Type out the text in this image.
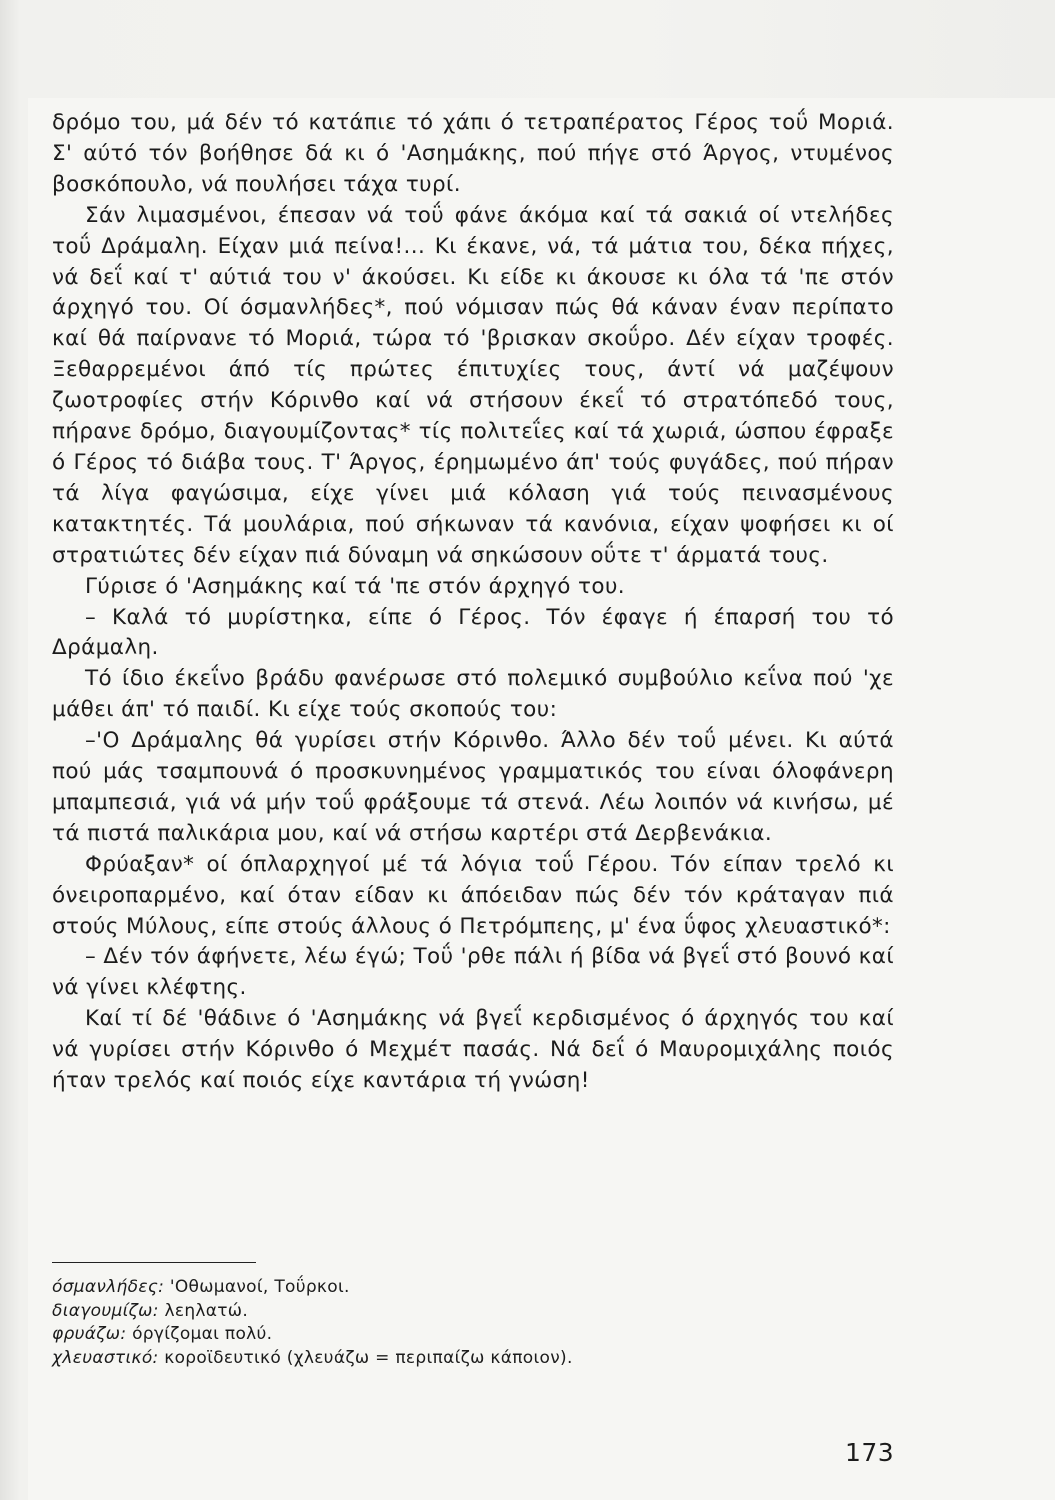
δρόμο του, μά δέν τό κατάπιε τό χάπι ό τετραπέρατος Γέρος τοΰ Μοριά. Σ' αύτό τόν βοήθησε δά κι ό 'Ασημάκης, πού πήγε στό Άργος, ντυμένος βοσκόπουλο, νά πουλήσει τάχα τυρί.

Σάν λιμασμένοι, έπεσαν νά τοΰ φάνε άκόμα καί τά σακιά οί ντελήδες τοΰ Δράμαλη. Είχαν μιά πείνα!... Κι έκανε, νά, τά μάτια του, δέκα πήχες, νά δεΐ καί τ' αύτιά του ν' άκούσει. Κι είδε κι άκουσε κι όλα τά 'πε στόν άρχηγό του. Οί όσμανλήδες*, πού νόμισαν πώς θά κάναν έναν περίπατο καί θά παίρνανε τό Μοριά, τώρα τό 'βρισκαν σκοΰρο. Δέν είχαν τροφές. Ξεθαρρεμένοι άπό τίς πρώτες έπιτυχίες τους, άντί νά μαζέψουν ζωοτροφίες στήν Κόρινθο καί νά στήσουν έκεΐ τό στρατόπεδό τους, πήρανε δρόμο, διαγουμίζοντας* τίς πολιτεΐες καί τά χωριά, ώσπου έφραξε ό Γέρος τό διάβα τους. Τ' Άργος, έρημωμένο άπ' τούς φυγάδες, πού πήραν τά λίγα φαγώσιμα, είχε γίνει μιά κόλαση γιά τούς πεινασμένους κατακτητές. Τά μουλάρια, πού σήκωναν τά κανόνια, είχαν ψοφήσει κι οί στρατιώτες δέν είχαν πιά δύναμη νά σηκώσουν οΰτε τ' άρματά τους.

Γύρισε ό 'Ασημάκης καί τά 'πε στόν άρχηγό του.

– Καλά τό μυρίστηκα, είπε ό Γέρος. Τόν έφαγε ή έπαρσή του τό Δράμαλη.

Τό ίδιο έκεΐνο βράδυ φανέρωσε στό πολεμικό συμβούλιο κεΐνα πού 'χε μάθει άπ' τό παιδί. Κι είχε τούς σκοπούς του:

–'Ο Δράμαλης θά γυρίσει στήν Κόρινθο. Άλλο δέν τοΰ μένει. Κι αύτά πού μάς τσαμπουνά ό προσκυνημένος γραμματικός του είναι όλοφάνερη μπαμπεσιά, γιά νά μήν τοΰ φράξουμε τά στενά. Λέω λοιπόν νά κινήσω, μέ τά πιστά παλικάρια μου, καί νά στήσω καρτέρι στά Δερβενάκια.

Φρύαξαν* οί όπλαρχηγοί μέ τά λόγια τοΰ Γέρου. Τόν είπαν τρελό κι όνειροπαρμένο, καί όταν είδαν κι άπόειδαν πώς δέν τόν κράταγαν πιά στούς Μύλους, είπε στούς άλλους ό Πετρόμπεης, μ' ένα ΰφος χλευαστικό*:

– Δέν τόν άφήνετε, λέω έγώ; Τοΰ 'ρθε πάλι ή βίδα νά βγεΐ στό βουνό καί νά γίνει κλέφτης.

Καί τί δέ 'θάδινε ό 'Ασημάκης νά βγεΐ κερδισμένος ό άρχηγός του καί νά γυρίσει στήν Κόρινθο ό Μεχμέτ πασάς. Νά δεΐ ό Μαυρομιχάλης ποιός ήταν τρελός καί ποιός είχε καντάρια τή γνώση!

όσμανλήδες: 'Οθωμανοί, Τοΰρκοι.
διαγουμίζω: λεηλατώ.
φρυάζω: όργίζομαι πολύ.
χλευαστικό: κοροϊδευτικό (χλευάζω = περιπαίζω κάποιον).
173
